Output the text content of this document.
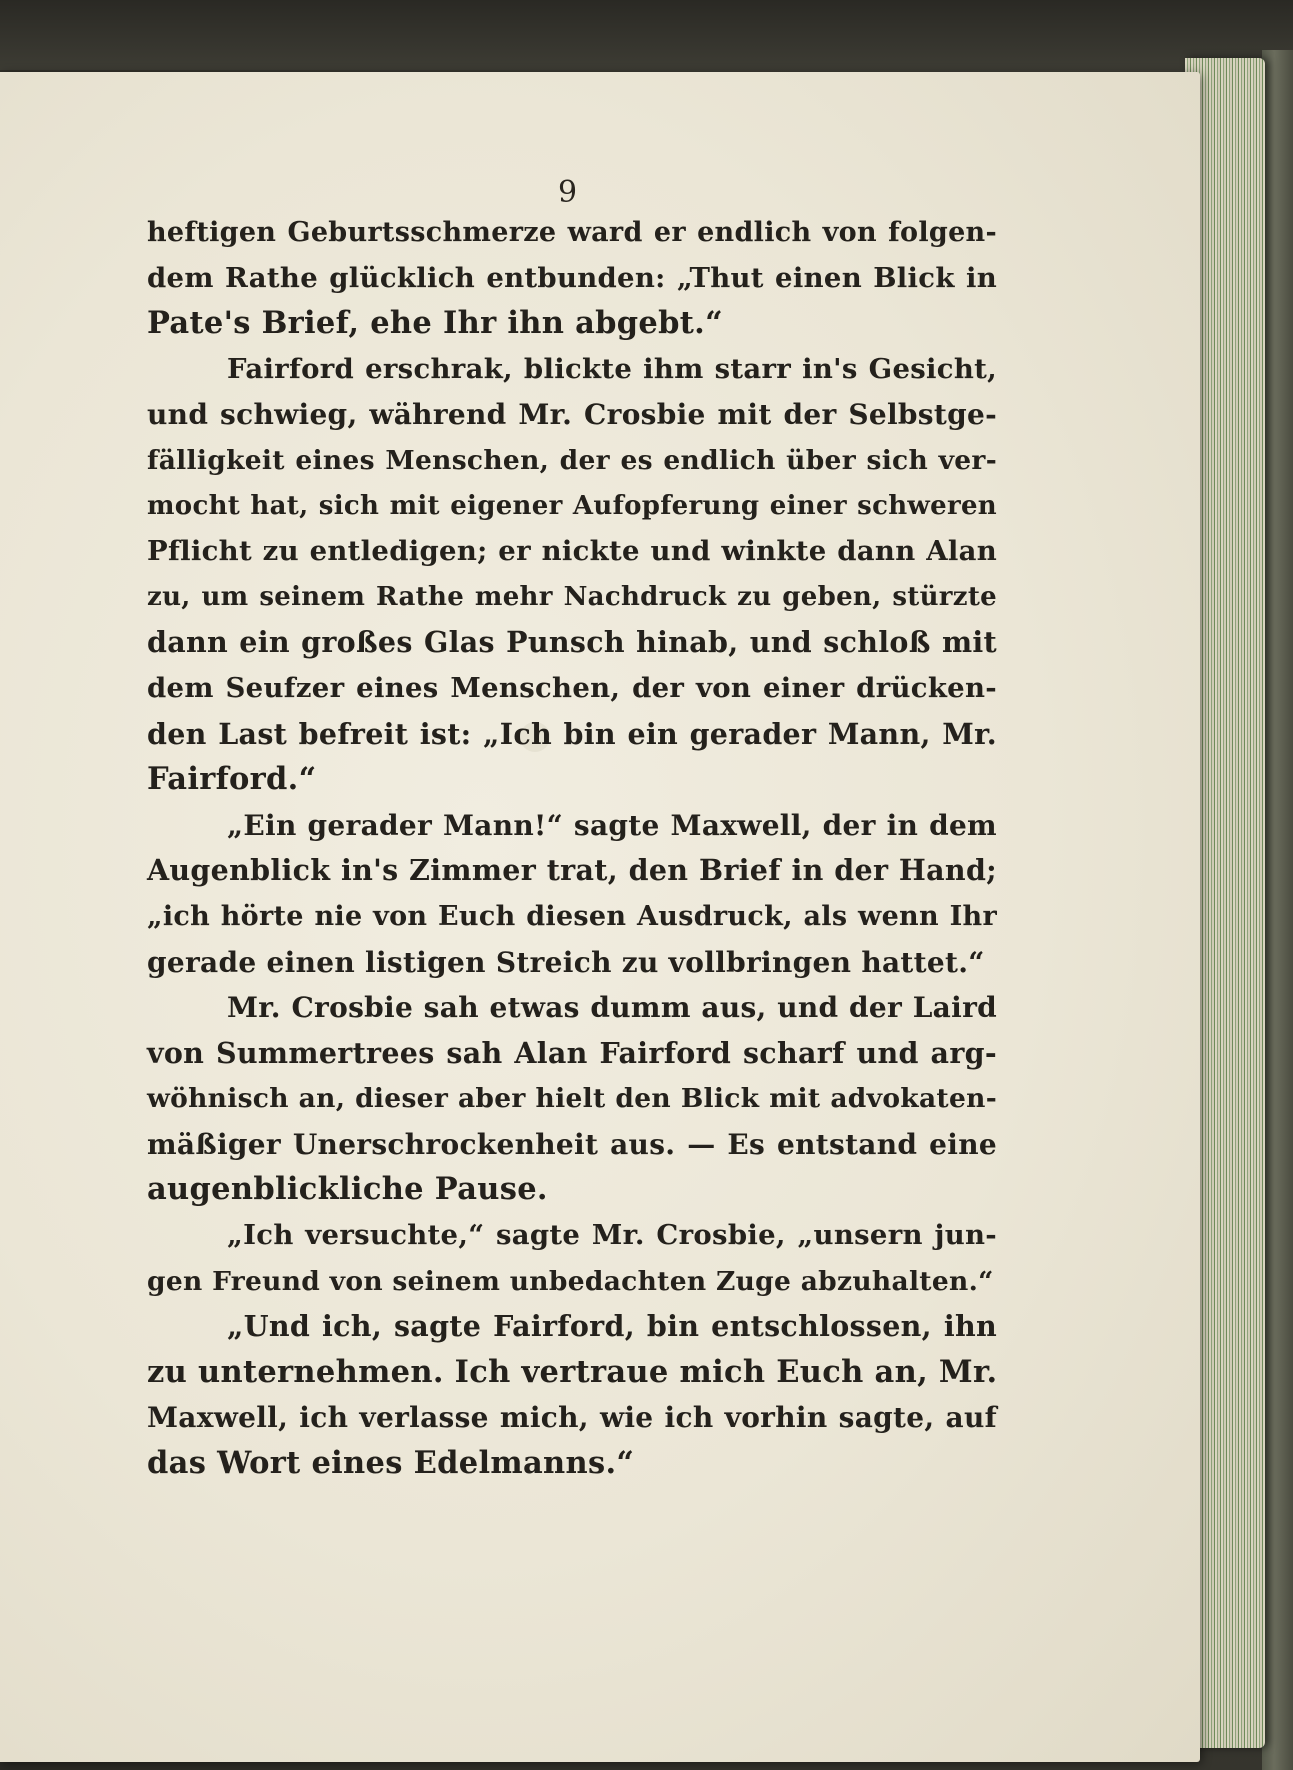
9
heftigen Geburtsschmerze ward er endlich von folgen-
dem Rathe glücklich entbunden: „Thut einen Blick in
Pate's Brief, ehe Ihr ihn abgebt.“
Fairford erschrak, blickte ihm starr in's Gesicht,
und schwieg, während Mr. Crosbie mit der Selbstge-
fälligkeit eines Menschen, der es endlich über sich ver-
mocht hat, sich mit eigener Aufopferung einer schweren
Pflicht zu entledigen; er nickte und winkte dann Alan
zu, um seinem Rathe mehr Nachdruck zu geben, stürzte
dann ein großes Glas Punsch hinab, und schloß mit
dem Seufzer eines Menschen, der von einer drücken-
den Last befreit ist: „Ich bin ein gerader Mann, Mr.
Fairford.“
„Ein gerader Mann!“ sagte Maxwell, der in dem
Augenblick in's Zimmer trat, den Brief in der Hand;
„ich hörte nie von Euch diesen Ausdruck, als wenn Ihr
gerade einen listigen Streich zu vollbringen hattet.“
Mr. Crosbie sah etwas dumm aus, und der Laird
von Summertrees sah Alan Fairford scharf und arg-
wöhnisch an, dieser aber hielt den Blick mit advokaten-
mäßiger Unerschrockenheit aus. — Es entstand eine
augenblickliche Pause.
„Ich versuchte,“ sagte Mr. Crosbie, „unsern jun-
gen Freund von seinem unbedachten Zuge abzuhalten.“
„Und ich, sagte Fairford, bin entschlossen, ihn
zu unternehmen. Ich vertraue mich Euch an, Mr.
Maxwell, ich verlasse mich, wie ich vorhin sagte, auf
das Wort eines Edelmanns.“
